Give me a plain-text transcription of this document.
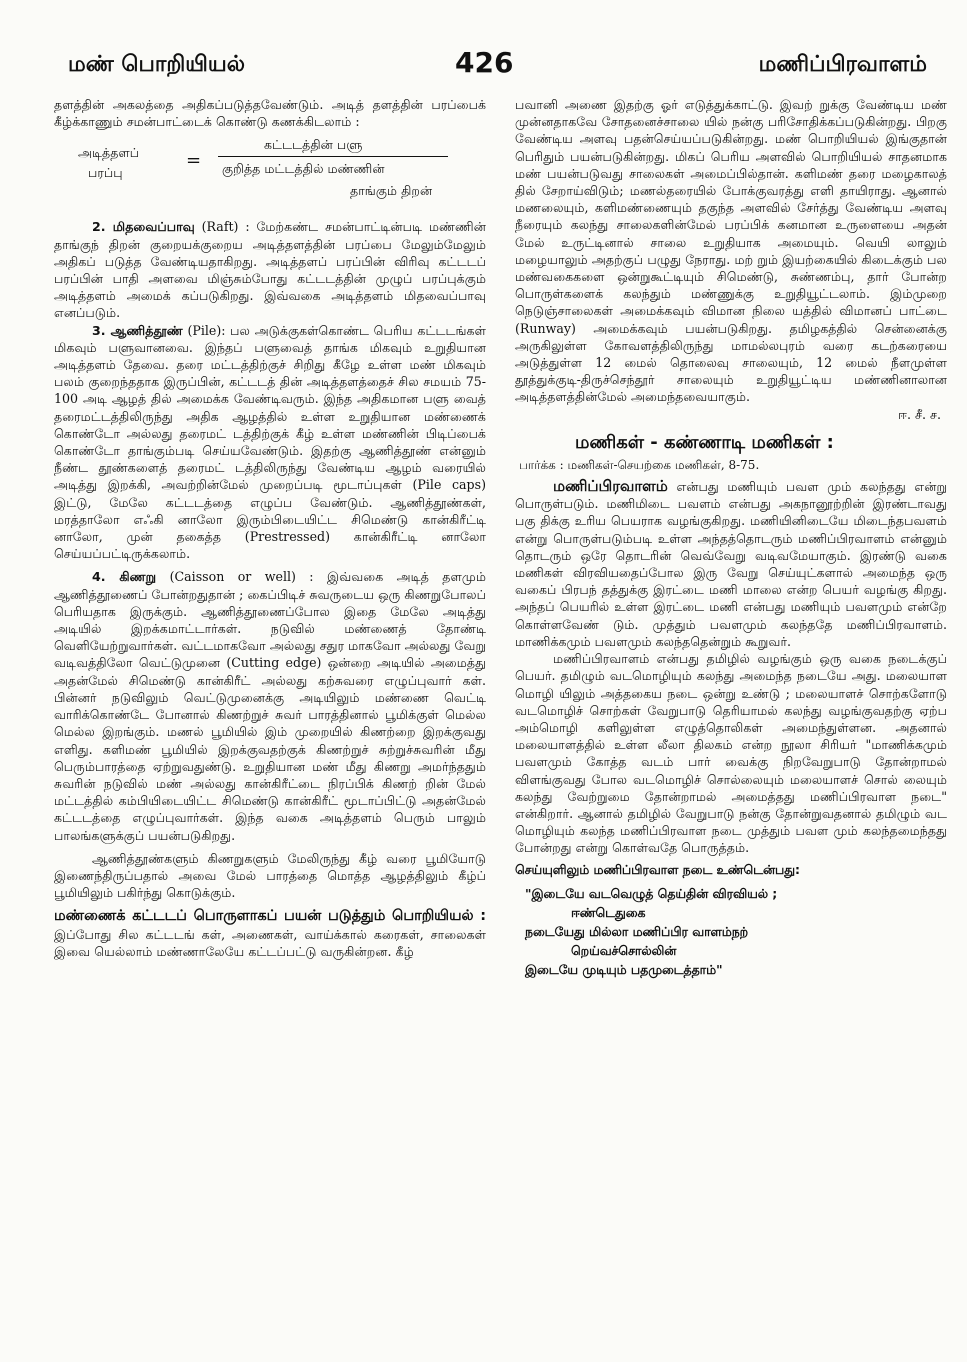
மண் பொறியியல்	426	மணிப்பிரவாளம்

தளத்தின் அகலத்தை அதிகப்படுத்தவேண்டும். அடித் தளத்தின் பரப்பைக் கீழ்க்காணும் சமன்பாட்டைக் கொண்டு கணக்கிடலாம் :

அடித்தளப்
பரப்பு
=
கட்டடத்தின் பளு
குறித்த மட்டத்தில் மண்ணின்
தாங்கும் திறன்

2. மிதவைப்பாவு (Raft) : மேற்கண்ட சமன்பாட்டின்படி மண்ணின் தாங்குந் திறன் குறையக்குறைய அடித்தளத்தின் பரப்பை மேலும்மேலும் அதிகப் படுத்த வேண்டியதாகிறது. அடித்தளப் பரப்பின் விரிவு கட்டடப் பரப்பின் பாதி அளவை மிஞ்சும்போது கட்டடத்தின் முழுப் பரப்புக்கும் அடித்தளம் அமைக் கப்படுகிறது. இவ்வகை அடித்தளம் மிதவைப்பாவு எனப்படும்.

3. ஆணித்தூண் (Pile): பல அடுக்குகள்கொண்ட பெரிய கட்டடங்கள் மிகவும் பளுவானவை. இந்தப் பளுவைத் தாங்க மிகவும் உறுதியான அடித்தளம் தேவை. தரை மட்டத்திற்குச் சிறிது கீழே உள்ள மண் மிகவும் பலம் குறைந்ததாக இருப்பின், கட்டடத் தின் அடித்தளத்தைச் சில சமயம் 75-100 அடி ஆழத் தில் அமைக்க வேண்டிவரும். இந்த அதிகமான பளு வைத் தரைமட்டத்திலிருந்து அதிக ஆழத்தில் உள்ள உறுதியான மண்ணைக் கொண்டோ அல்லது தரைமட் டத்திற்குக் கீழ் உள்ள மண்ணின் பிடிப்பைக் கொண்டோ தாங்கும்படி செய்யவேண்டும். இதற்கு ஆணித்தூண் என்னும் நீண்ட தூண்களைத் தரைமட் டத்திலிருந்து வேண்டிய ஆழம் வரையில் அடித்து இறக்கி, அவற்றின்மேல் முறைப்படி மூடாப்புகள் (Pile caps) இட்டு, மேலே கட்டடத்தை எழுப்ப வேண்டும். ஆணித்தூண்கள், மரத்தாலோ எஃகி னாலோ இரும்பிடையிட்ட சிமெண்டு கான்கிரீட்டி னாலோ, முன் தகைத்த (Prestressed) கான்கிரீட்டி னாலோ செய்யப்பட்டிருக்கலாம்.

4. கிணறு (Caisson or well) : இவ்வகை அடித் தளமும் ஆணித்தூணைப் போன்றதுதான் ; கைப்பிடிச் சுவருடைய ஒரு கிணறுபோலப் பெரியதாக இருக்கும். ஆணித்தூணைப்போல இதை மேலே அடித்து அடியில் இறக்கமாட்டார்கள். நடுவில் மண்ணைத் தோண்டி வெளியேற்றுவார்கள். வட்டமாகவோ அல்லது சதுர மாகவோ அல்லது வேறு வடிவத்திலோ வெட்டுமுனை (Cutting edge) ஒன்றை அடியில் அமைத்து அதன்மேல் சிமெண்டு கான்கிரீட் அல்லது கற்சுவரை எழுப்புவார் கள். பின்னர் நடுவிலும் வெட்டுமுனைக்கு அடியிலும் மண்ணை வெட்டி வாரிக்கொண்டே போனால் கிணற்றுச் சுவர் பாரத்தினால் பூமிக்குள் மெல்ல மெல்ல இறங்கும். மணல் பூமியில் இம் முறையில் கிணற்றை இறக்குவது எளிது. களிமண் பூமியில் இறக்குவதற்குக் கிணற்றுச் சுற்றுச்சுவரின் மீது பெரும்பாரத்தை ஏற்றுவதுண்டு. உறுதியான மண் மீது கிணறு அமர்ந்ததும் சுவரின் நடுவில் மண் அல்லது கான்கிரீட்டை நிரப்பிக் கிணற் றின் மேல் மட்டத்தில் கம்பியிடையிட்ட சிமெண்டு கான்கிரீட் மூடாப்பிட்டு அதன்மேல் கட்டடத்தை எழுப்புவார்கள். இந்த வகை அடித்தளம் பெரும் பாலும் பாலங்களுக்குப் பயன்படுகிறது.

ஆணித்தூண்களும் கிணறுகளும் மேலிருந்து கீழ் வரை பூமியோடு இணைந்திருப்பதால் அவை மேல் பாரத்தை மொத்த ஆழத்திலும் கீழ்ப் பூமியிலும் பகிர்ந்து கொடுக்கும்.

மண்ணைக் கட்டடப் பொருளாகப் பயன் படுத்தும் பொறியியல் : இப்போது சில கட்டடங் கள், அணைகள், வாய்க்கால் கரைகள், சாலைகள் இவை யெல்லாம் மண்ணாலேயே கட்டப்பட்டு வருகின்றன. கீழ்

பவானி அணை இதற்கு ஓர் எடுத்துக்காட்டு. இவற் றுக்கு வேண்டிய மண் முன்னதாகவே சோதனைச்சாலை யில் நன்கு பரிசோதிக்கப்படுகின்றது. பிறகு வேண்டிய அளவு பதன்செய்யப்படுகின்றது. மண் பொறியியல் இங்குதான் பெரிதும் பயன்படுகின்றது. மிகப் பெரிய அளவில் பொறியியல் சாதனமாக மண் பயன்படுவது சாலைகள் அமைப்பில்தான். களிமண் தரை மழைகாலத் தில் சேறாய்விடும்; மணல்தரையில் போக்குவரத்து எளி தாயிராது. ஆனால் மணலையும், களிமண்ணையும் தகுந்த அளவில் சேர்த்து வேண்டிய அளவு நீரையும் கலந்து சாலைகளின்மேல் பரப்பிக் கனமான உருளையை அதன் மேல் உருட்டினால் சாலை உறுதியாக அமையும். வெயி லாலும் மழையாலும் அதற்குப் பழுது நேராது. மற் றும் இயற்கையில் கிடைக்கும் பல மண்வகைகளை ஒன்றுகூட்டியும் சிமெண்டு, சுண்ணம்பு, தார் போன்ற பொருள்களைக் கலந்தும் மண்ணுக்கு உறுதியூட்டலாம். இம்முறை நெடுஞ்சாலைகள் அமைக்கவும் விமான நிலை யத்தில் விமானப் பாட்டை (Runway) அமைக்கவும் பயன்படுகிறது. தமிழகத்தில் சென்னைக்கு அருகிலுள்ள கோவளத்திலிருந்து மாமல்லபுரம் வரை கடற்கரையை அடுத்துள்ள 12 மைல் தொலைவு சாலையும், 12 மைல் நீளமுள்ள தூத்துக்குடி-திருச்செந்தூர் சாலையும் உறுதியூட்டிய மண்ணினாலான அடித்தளத்தின்மேல் அமைந்தவையாகும்.

ஈ. சீ. ச.
மணிகள் - கண்ணாடி மணிகள் :
பார்க்க : மணிகள்-செயற்கை மணிகள், 8-75.

மணிப்பிரவாளம் என்பது மணியும் பவள மும் கலந்தது என்று பொருள்படும். மணிமிடை பவளம் என்பது அகநானூற்றின் இரண்டாவது பகு திக்கு உரிய பெயராக வழங்குகிறது. மணியினிடையே மிடைந்தபவளம் என்று பொருள்படும்படி உள்ள அந்தத்தொடரும் மணிப்பிரவாளம் என்னும் தொடரும் ஒரே தொடரின் வெவ்வேறு வடிவமேயாகும். இரண்டு வகை மணிகள் விரவியதைப்போல இரு வேறு செய்யுட்களால் அமைந்த ஒரு வகைப் பிரபந் தத்துக்கு இரட்டை மணி மாலை என்ற பெயர் வழங்கு கிறது. அந்தப் பெயரில் உள்ள இரட்டை மணி என்பது மணியும் பவளமும் என்றே கொள்ளவேண் டும். முத்தும் பவளமும் கலந்ததே மணிப்பிரவாளம். மாணிக்கமும் பவளமும் கலந்ததென்றும் கூறுவர்.

மணிப்பிரவாளம் என்பது தமிழில் வழங்கும் ஒரு வகை நடைக்குப் பெயர். தமிழும் வடமொழியும் கலந்து அமைந்த நடையே அது. மலையாள மொழி யிலும் அத்தகைய நடை ஒன்று உண்டு ; மலையாளச் சொற்களோடு வடமொழிச் சொற்கள் வேறுபாடு தெரியாமல் கலந்து வழங்குவதற்கு ஏற்ப அம்மொழி களிலுள்ள எழுத்தொலிகள் அமைந்துள்ளன. அதனால் மலையாளத்தில் உள்ள லீலா திலகம் என்ற நூலா சிரியர் "மாணிக்கமும் பவளமும் கோத்த வடம் பார் வைக்கு நிறவேறுபாடு தோன்றாமல் விளங்குவது போல வடமொழிச் சொல்லையும் மலையாளச் சொல் லையும் கலந்து வேற்றுமை தோன்றாமல் அமைத்தது மணிப்பிரவாள நடை" என்கிறார். ஆனால் தமிழில் வேறுபாடு நன்கு தோன்றுவதனால் தமிழும் வட மொழியும் கலந்த மணிப்பிரவாள நடை முத்தும் பவள மும் கலந்தமைந்தது போன்றது என்று கொள்வதே பொருத்தம்.

செய்யுளிலும் மணிப்பிரவாள நடை உண்டென்பது:
"இடையே வடவெழுத் தெய்தின் விரவியல் ;
ஈண்டெதுகை
நடையேது மில்லா மணிப்பிர வாளம்நற்
றெய்வச்சொல்லின்
இடையே முடியும் பதமுடைத்தாம்"
